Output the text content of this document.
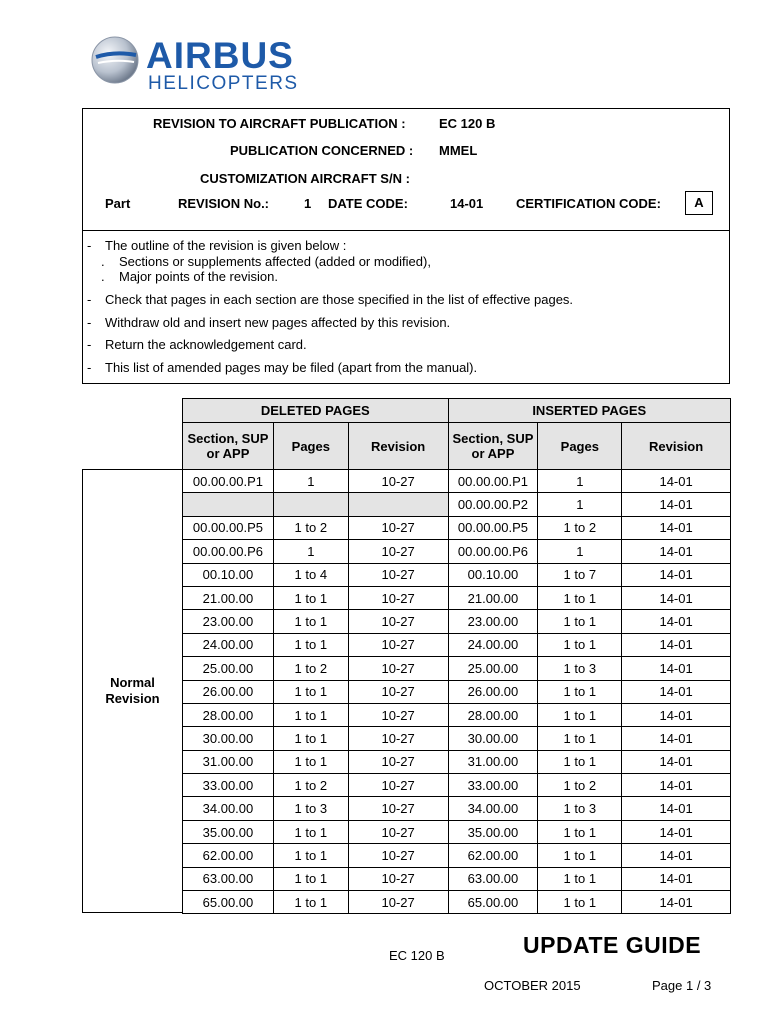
AIRBUS
HELICOPTERS
REVISION TO AIRCRAFT PUBLICATION :	EC 120 B
PUBLICATION CONCERNED : MMEL
CUSTOMIZATION AIRCRAFT S/N :
Part	REVISION No.:	1 DATE CODE:	14-01	CERTIFICATION CODE:	A
- The outline of the revision is given below :
. Sections or supplements affected (added or modified),
. Major points of the revision.
- Check that pages in each section are those specified in the list of effective pages.
- Withdraw old and insert new pages affected by this revision.
- Return the acknowledgement card.
- This list of amended pages may be filed (apart from the manual).
DELETED PAGES			INSERTED PAGES		
Section, SUP or APP	Pages	Revision	Section, SUP or APP	Pages	Revision
00.00.00.P1	1	10-27	00.00.00.P1	1	14-01
			00.00.00.P2	1	14-01
00.00.00.P5	1 to 2	10-27	00.00.00.P5	1 to 2	14-01
00.00.00.P6	1	10-27	00.00.00.P6	1	14-01
00.10.00	1 to 4	10-27	00.10.00	1 to 7	14-01
21.00.00	1 to 1	10-27	21.00.00	1 to 1	14-01
23.00.00	1 to 1	10-27	23.00.00	1 to 1	14-01
24.00.00	1 to 1	10-27	24.00.00	1 to 1	14-01
25.00.00	1 to 2	10-27	25.00.00	1 to 3	14-01
26.00.00	1 to 1	10-27	26.00.00	1 to 1	14-01
28.00.00	1 to 1	10-27	28.00.00	1 to 1	14-01
30.00.00	1 to 1	10-27	30.00.00	1 to 1	14-01
31.00.00	1 to 1	10-27	31.00.00	1 to 1	14-01
33.00.00	1 to 2	10-27	33.00.00	1 to 2	14-01
34.00.00	1 to 3	10-27	34.00.00	1 to 3	14-01
35.00.00	1 to 1	10-27	35.00.00	1 to 1	14-01
62.00.00	1 to 1	10-27	62.00.00	1 to 1	14-01
63.00.00	1 to 1	10-27	63.00.00	1 to 1	14-01
65.00.00	1 to 1	10-27	65.00.00	1 to 1	14-01
Normal Revision
EC 120 B	UPDATE GUIDE
OCTOBER 2015	Page 1 / 3
